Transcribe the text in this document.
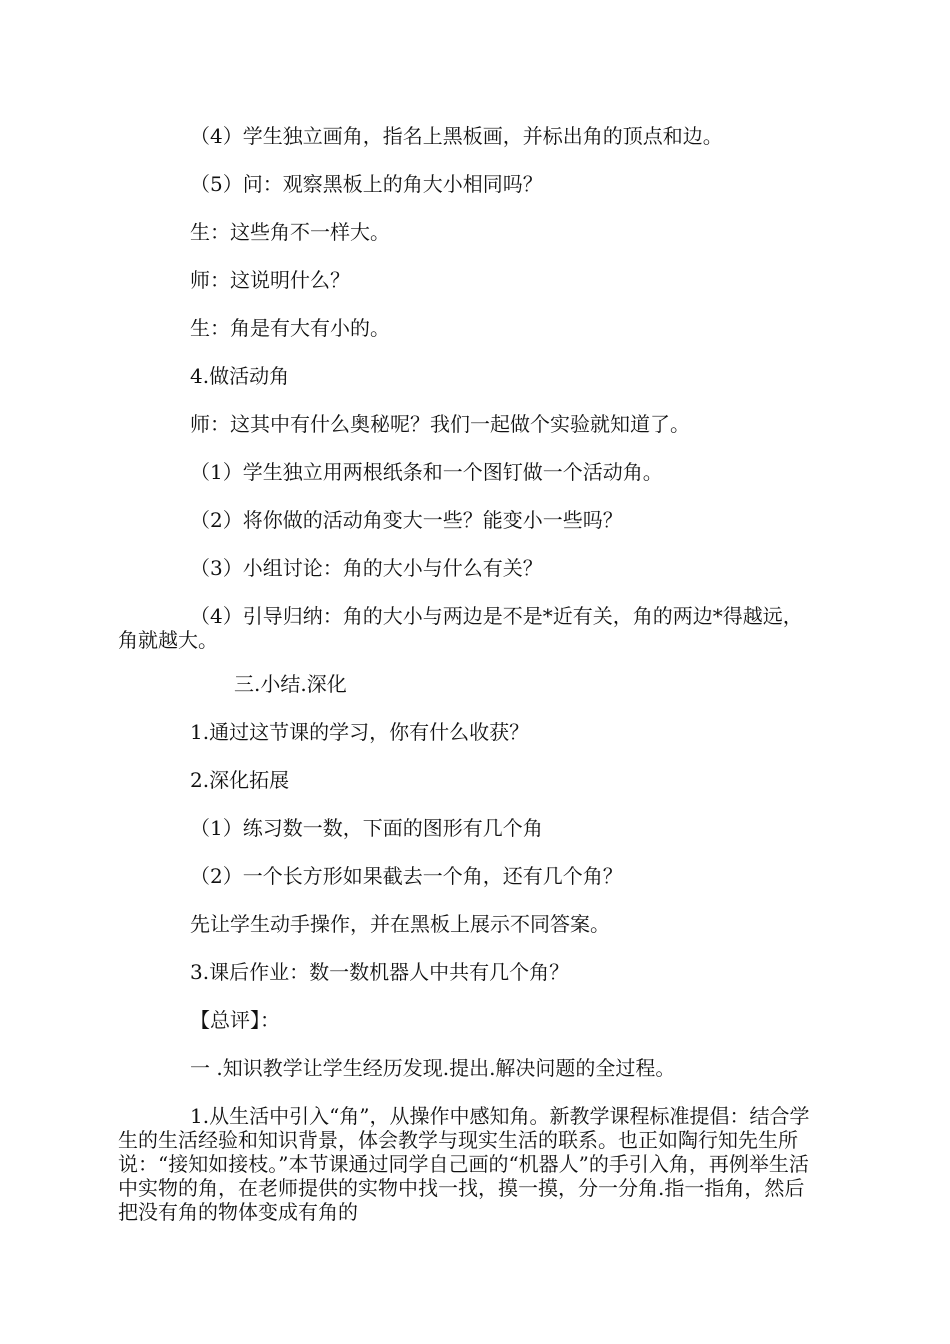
（4）学生独立画角，指名上黑板画，并标出角的顶点和边。
（5）问：观察黑板上的角大小相同吗？
生：这些角不一样大。
师：这说明什么？
生：角是有大有小的。
4.做活动角
师：这其中有什么奥秘呢？我们一起做个实验就知道了。
（1）学生独立用两根纸条和一个图钉做一个活动角。
（2）将你做的活动角变大一些？能变小一些吗？
（3）小组讨论：角的大小与什么有关？
（4）引导归纳：角的大小与两边是不是*近有关，角的两边*得越远，角就越大。
三.小结.深化
1.通过这节课的学习，你有什么收获？
2.深化拓展
（1）练习数一数，下面的图形有几个角
（2）一个长方形如果截去一个角，还有几个角？
先让学生动手操作，并在黑板上展示不同答案。
3.课后作业：数一数机器人中共有几个角？
【总评】：
一 .知识教学让学生经历发现.提出.解决问题的全过程。
1.从生活中引入“角”，从操作中感知角。新教学课程标准提倡：结合学生的生活经验和知识背景，体会教学与现实生活的联系。也正如陶行知先生所说：“接知如接枝。”本节课通过同学自己画的“机器人”的手引入角，再例举生活中实物的角，在老师提供的实物中找一找，摸一摸，分一分角.指一指角，然后把没有角的物体变成有角的
